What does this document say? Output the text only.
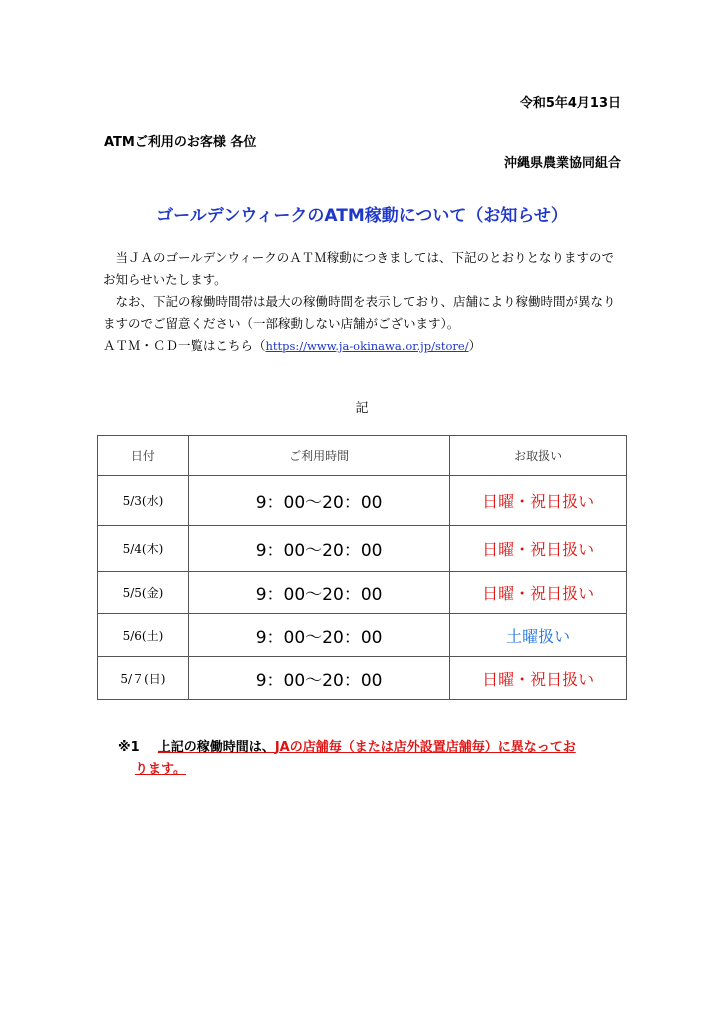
令和5年4月13日
ATMご利用のお客様 各位
沖縄県農業協同組合
ゴールデンウィークのATM稼動について（お知らせ）

当ＪＡのゴールデンウィークのＡＴＭ稼動につきましては、下記のとおりとなりますのでお知らせいたします。

なお、下記の稼働時間帯は最大の稼働時間を表示しており、店舗により稼働時間が異なりますのでご留意ください（一部稼動しない店舗がございます）。

ＡＴＭ・ＣＤ一覧はこちら（https://www.ja-okinawa.or.jp/store/）

記
日付	ご利用時間	お取扱い
5/3(水)	9：00～20：00	日曜・祝日扱い
5/4(木)	9：00～20：00	日曜・祝日扱い
5/5(金)	9：00～20：00	日曜・祝日扱い
5/6(土)	9：00～20：00	土曜扱い
5/７(日)	9：00～20：00	日曜・祝日扱い
※1 上記の稼働時間は、JAの店舗毎（または店外設置店舗毎）に異なってお
ります。
